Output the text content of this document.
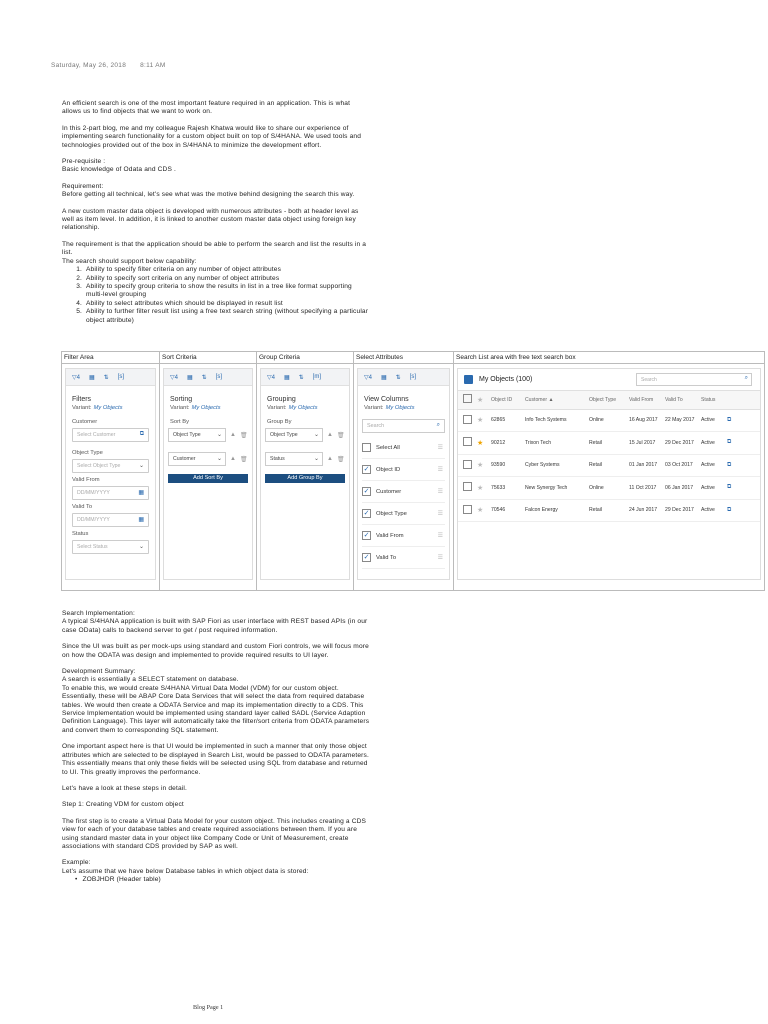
Saturday, May 26, 2018 8:11 AM

An efficient search is one of the most important feature required in an application. This is what allows us to find objects that we want to work on.

In this 2-part blog, me and my colleague Rajesh Khatwa would like to share our experience of implementing search functionality for a custom object built on top of S/4HANA. We used tools and technologies provided out of the box in S/4HANA to minimize the development effort.

Pre-requisite :

Basic knowledge of Odata and CDS .

Requirement:

Before getting all technical, let's see what was the motive behind designing the search this way.

A new custom master data object is developed with numerous attributes - both at header level as well as item level. In addition, it is linked to another custom master data object using foreign key relationship.

The requirement is that the application should be able to perform the search and list the results in a list.

The search should support below capability:

1. Ability to specify filter criteria on any number of object attributes
2. Ability to specify sort criteria on any number of object attributes
3. Ability to specify group criteria to show the results in list in a tree like format supporting multi-level grouping
4. Ability to select attributes which should be displayed in result list
5. Ability to further filter result list using a free text search string (without specifying a particular object attribute)
Filter Area
▽4 ▦ ⇅ [s]
Filters
Variant: My Objects
Customer
Select Customer	⧉
Object Type
Select Object Type	⌄
Valid From
DD/MM/YYYY	▦
Valid To
DD/MM/YYYY	▦
Status
Select Status	⌄
Sort Criteria
▽4 ▦ ⇅ [s]
Sorting
Variant: My Objects
Sort By
Object Type	⌄ ▲ 🗑
Customer	⌄ ▲ 🗑
Add Sort By
Group Criteria
▽4 ▦ ⇅ [m]
Grouping
Variant: My Objects
Group By
Object Type	⌄ ▲ 🗑
Status	⌄ ▲ 🗑
Add Group By
Select Attributes
▽4 ▦ ⇅ [s]
View Columns
Variant: My Objects
Search	⌕
Select All	☰
✓ Object ID	☰
✓ Customer	☰
✓ Object Type	☰
✓ Valid From	☰
✓ Valid To	☰
Search List area with free text search box
My Objects (100)	Search	⌕
	★	Object ID	Customer ▲	Object Type	Valid From	Valid To	Status	
	★	62865	Info Tech Systems	Online	16 Aug 2017	22 May 2017	Active	⧉
	★	90212	Trixon Tech	Retail	15 Jul 2017	29 Dec 2017	Active	⧉
	★	93590	Cyber Systems	Retail	01 Jan 2017	03 Oct 2017	Active	⧉
	★	75633	New Synergy Tech	Online	11 Oct 2017	06 Jan 2017	Active	⧉
	★	70546	Falcon Energy	Retail	24 Jun 2017	29 Dec 2017	Active	⧉

Search Implementation:

A typical S/4HANA application is built with SAP Fiori as user interface with REST based APIs (in our case OData) calls to backend server to get / post required information.

Since the UI was built as per mock-ups using standard and custom Fiori controls, we will focus more on how the ODATA was design and implemented to provide required results to UI layer.

Development Summary:

A search is essentially a SELECT statement on database.

To enable this, we would create S/4HANA Virtual Data Model (VDM) for our custom object. Essentially, these will be ABAP Core Data Services that will select the data from required database tables. We would then create a ODATA Service and map its implementation directly to a CDS. This Service Implementation would be implemented using standard layer called SADL (Service Adaption Definition Language). This layer will automatically take the filter/sort criteria from ODATA parameters and convert them to corresponding SQL statement.

One important aspect here is that UI would be implemented in such a manner that only those object attributes which are selected to be displayed in Search List, would be passed to ODATA parameters. This essentially means that only these fields will be selected using SQL from database and returned to UI. This greatly improves the performance.

Let's have a look at these steps in detail.

Step 1: Creating VDM for custom object

The first step is to create a Virtual Data Model for your custom object. This includes creating a CDS view for each of your database tables and create required associations between them. If you are using standard master data in your object like Company Code or Unit of Measurement, create associations with standard CDS provided by SAP as well.

Example:

Let's assume that we have below Database tables in which object data is stored:

• ZOBJHDR (Header table)
Blog Page 1
